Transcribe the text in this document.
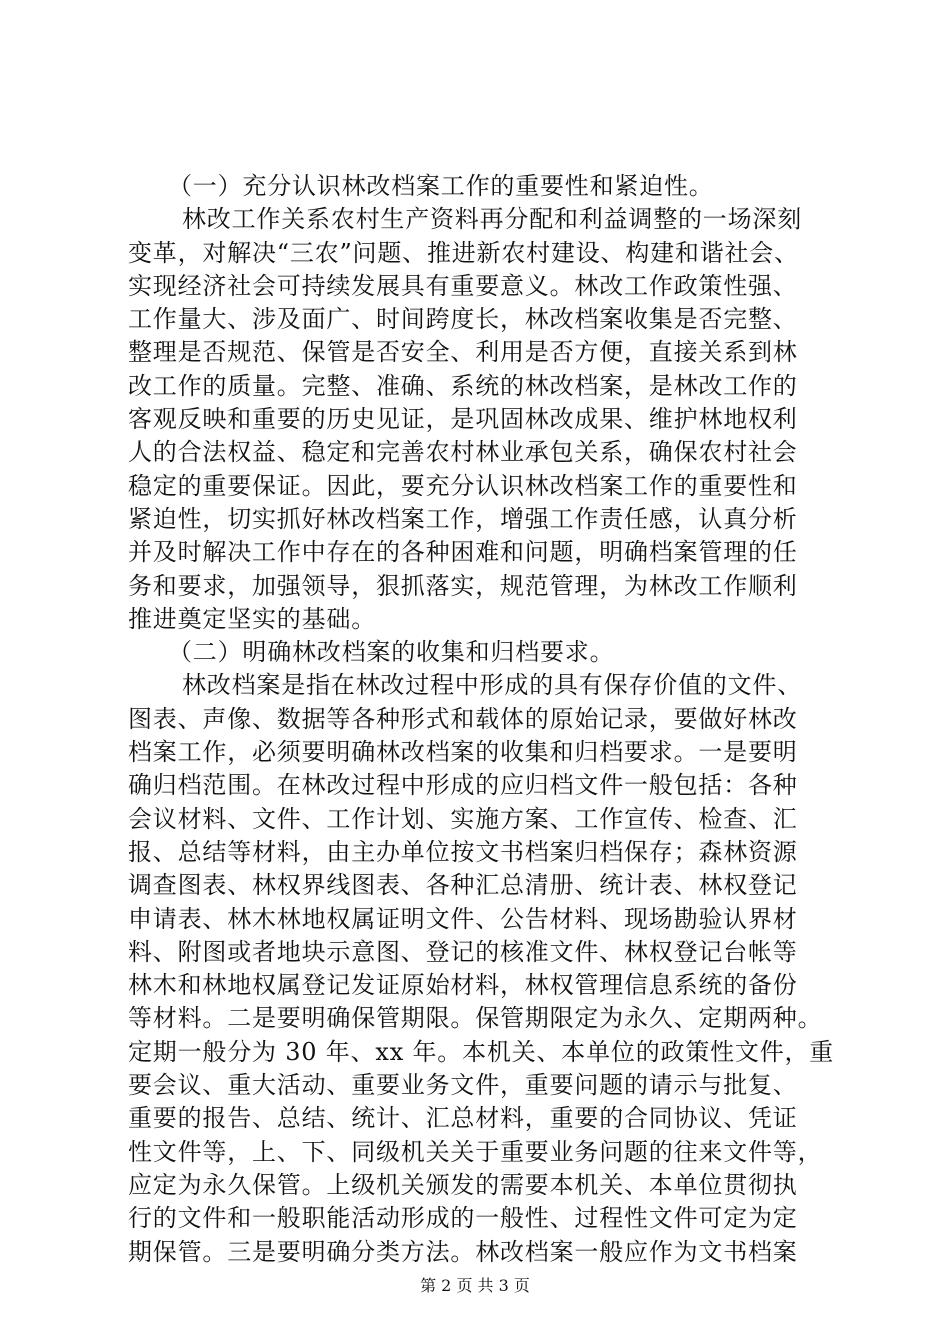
（一）充分认识林改档案工作的重要性和紧迫性。
林改工作关系农村生产资料再分配和利益调整的一场深刻
变革，对解决“三农”问题、推进新农村建设、构建和谐社会、
实现经济社会可持续发展具有重要意义。林改工作政策性强、
工作量大、涉及面广、时间跨度长，林改档案收集是否完整、
整理是否规范、保管是否安全、利用是否方便，直接关系到林
改工作的质量。完整、准确、系统的林改档案，是林改工作的
客观反映和重要的历史见证，是巩固林改成果、维护林地权利
人的合法权益、稳定和完善农村林业承包关系，确保农村社会
稳定的重要保证。因此，要充分认识林改档案工作的重要性和
紧迫性，切实抓好林改档案工作，增强工作责任感，认真分析
并及时解决工作中存在的各种困难和问题，明确档案管理的任
务和要求，加强领导，狠抓落实，规范管理，为林改工作顺利
推进奠定坚实的基础。
（二）明确林改档案的收集和归档要求。
林改档案是指在林改过程中形成的具有保存价值的文件、
图表、声像、数据等各种形式和载体的原始记录，要做好林改
档案工作，必须要明确林改档案的收集和归档要求。一是要明
确归档范围。在林改过程中形成的应归档文件一般包括：各种
会议材料、文件、工作计划、实施方案、工作宣传、检查、汇
报、总结等材料，由主办单位按文书档案归档保存；森林资源
调查图表、林权界线图表、各种汇总清册、统计表、林权登记
申请表、林木林地权属证明文件、公告材料、现场勘验认界材
料、附图或者地块示意图、登记的核准文件、林权登记台帐等
林木和林地权属登记发证原始材料，林权管理信息系统的备份
等材料。二是要明确保管期限。保管期限定为永久、定期两种。
定期一般分为 30 年、xx 年。本机关、本单位的政策性文件，重
要会议、重大活动、重要业务文件，重要问题的请示与批复、
重要的报告、总结、统计、汇总材料，重要的合同协议、凭证
性文件等，上、下、同级机关关于重要业务问题的往来文件等，
应定为永久保管。上级机关颁发的需要本机关、本单位贯彻执
行的文件和一般职能活动形成的一般性、过程性文件可定为定
期保管。三是要明确分类方法。林改档案一般应作为文书档案
第 2 页 共 3 页
